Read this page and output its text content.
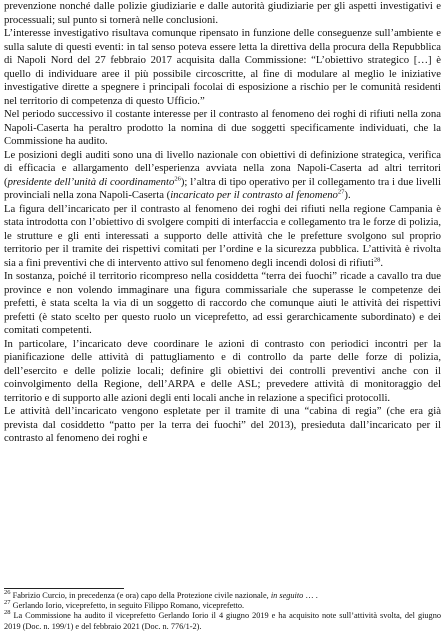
prevenzione nonché dalle polizie giudiziarie e dalle autorità giudiziarie per gli aspetti investigativi e processuali; sul punto si tornerà nelle conclusioni.

L’interesse investigativo risultava comunque ripensato in funzione delle conseguenze sull’ambiente e sulla salute di questi eventi: in tal senso poteva essere letta la direttiva della procura della Repubblica di Napoli Nord del 27 febbraio 2017 acquisita dalla Commissione: “L’obiettivo strategico […] è quello di individuare aree il più possibile circoscritte, al fine di modulare al meglio le iniziative investigative dirette a spegnere i principali focolai di esposizione a rischio per le comunità residenti nel territorio di competenza di questo Ufficio.”

Nel periodo successivo il costante interesse per il contrasto al fenomeno dei roghi di rifiuti nella zona Napoli-Caserta ha peraltro prodotto la nomina di due soggetti specificamente individuati, che la Commissione ha audito.

Le posizioni degli auditi sono una di livello nazionale con obiettivi di definizione strategica, verifica di efficacia e allargamento dell’esperienza avviata nella zona Napoli-Caserta ad altri territori (presidente dell’unità di coordinamento$^{26}$); l’altra di tipo operativo per il collegamento tra i due livelli provinciali nella zona Napoli-Caserta (incaricato per il contrasto al fenomeno$^{27}$).

La figura dell’incaricato per il contrasto al fenomeno dei roghi dei rifiuti nella regione Campania è stata introdotta con l’obiettivo di svolgere compiti di interfaccia e collegamento tra le forze di polizia, le strutture e gli enti interessati a supporto delle attività che le prefetture svolgono sul proprio territorio per il tramite dei rispettivi comitati per l’ordine e la sicurezza pubblica. L’attività è rivolta sia a fini preventivi che di intervento attivo sul fenomeno degli incendi dolosi di rifiuti$^{28}$.

In sostanza, poiché il territorio ricompreso nella cosiddetta “terra dei fuochi” ricade a cavallo tra due province e non volendo immaginare una figura commissariale che superasse le competenze dei prefetti, è stata scelta la via di un soggetto di raccordo che comunque aiuti le attività dei rispettivi prefetti (è stato scelto per questo ruolo un viceprefetto, ad essi gerarchicamente subordinato) e dei comitati competenti.

In particolare, l’incaricato deve coordinare le azioni di contrasto con periodici incontri per la pianificazione delle attività di pattugliamento e di controllo da parte delle forze di polizia, dell’esercito e delle polizie locali; definire gli obiettivi dei controlli preventivi anche con il coinvolgimento della Regione, dell’ARPA e delle ASL; prevedere attività di monitoraggio del territorio e di supporto alle azioni degli enti locali anche in relazione a specifici protocolli.

Le attività dell’incaricato vengono espletate per il tramite di una “cabina di regia” (che era già prevista dal cosiddetto “patto per la terra dei fuochi” del 2013), presieduta dall’incaricato per il contrasto al fenomeno dei roghi e

$^{26}$ Fabrizio Curcio, in precedenza (e ora) capo della Protezione civile nazionale, in seguito … .

$^{27}$ Gerlando Iorio, viceprefetto, in seguito Filippo Romano, viceprefetto.

$^{28}$ La Commissione ha audito il viceprefetto Gerlando Iorio il 4 giugno 2019 e ha acquisito note sull’attività svolta, del giugno 2019 (Doc. n. 199/1) e del febbraio 2021 (Doc. n. 776/1-2).
